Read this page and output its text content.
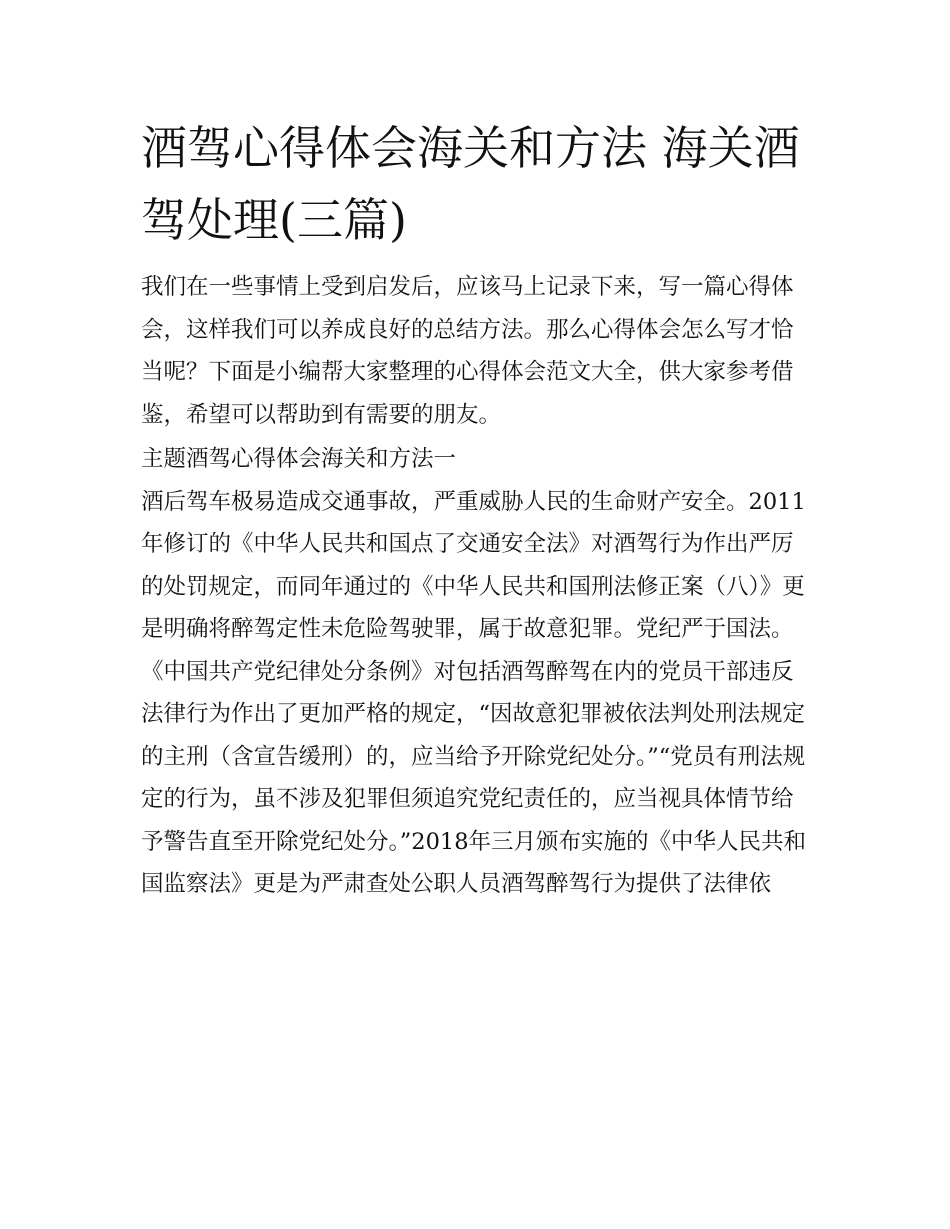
酒驾心得体会海关和方法 海关酒驾处理(三篇)

我们在一些事情上受到启发后，应该马上记录下来，写一篇心得体会，这样我们可以养成良好的总结方法。那么心得体会怎么写才恰当呢？下面是小编帮大家整理的心得体会范文大全，供大家参考借鉴，希望可以帮助到有需要的朋友。

主题酒驾心得体会海关和方法一

酒后驾车极易造成交通事故，严重威胁人民的生命财产安全。2011年修订的《中华人民共和国点了交通安全法》对酒驾行为作出严厉的处罚规定，而同年通过的《中华人民共和国刑法修正案（八）》更是明确将醉驾定性未危险驾驶罪，属于故意犯罪。党纪严于国法。《中国共产党纪律处分条例》对包括酒驾醉驾在内的党员干部违反法律行为作出了更加严格的规定，“因故意犯罪被依法判处刑法规定的主刑（含宣告缓刑）的，应当给予开除党纪处分。”“党员有刑法规定的行为，虽不涉及犯罪但须追究党纪责任的，应当视具体情节给予警告直至开除党纪处分。”2018年三月颁布实施的《中华人民共和国监察法》更是为严肃查处公职人员酒驾醉驾行为提供了法律依
